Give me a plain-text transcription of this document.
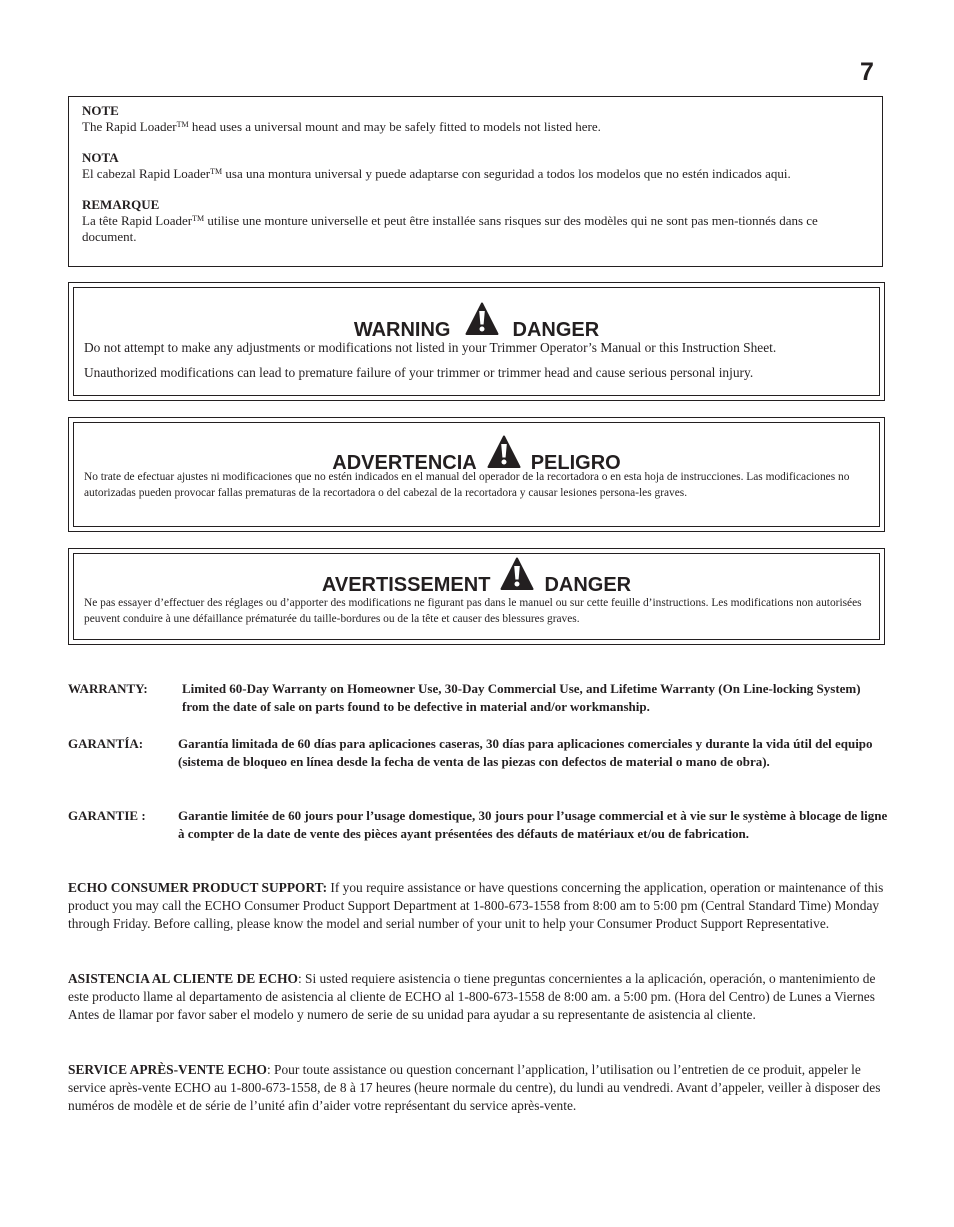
7
NOTE
The Rapid Loader™ head uses a universal mount and may be safely fitted to models not listed here.
NOTA
El cabezal Rapid Loader™ usa una montura universal y puede adaptarse con seguridad a todos los modelos que no estén indicados aqui.
REMARQUE
La tête Rapid Loader™ utilise une monture universelle et peut être installée sans risques sur des modèles qui ne sont pas men-tionnés dans ce document.
WARNING	DANGER
Do not attempt to make any adjustments or modifications not listed in your Trimmer Operator’s Manual or this Instruction Sheet.
Unauthorized modifications can lead to premature failure of your trimmer or trimmer head and cause serious personal injury.
ADVERTENCIA	PELIGRO
No trate de efectuar ajustes ni modificaciones que no estén indicados en el manual del operador de la recortadora o en esta hoja de instrucciones. Las modificaciones no autorizadas pueden provocar fallas prematuras de la recortadora o del cabezal de la recortadora y causar lesiones persona-les graves.
AVERTISSEMENT	DANGER
Ne pas essayer d’effectuer des réglages ou d’apporter des modifications ne figurant pas dans le manuel ou sur cette feuille d’instructions. Les modifications non autorisées peuvent conduire à une défaillance prématurée du taille-bordures ou de la tête et causer des blessures graves.
WARRANTY:	Limited 60-Day Warranty on Homeowner Use, 30-Day Commercial Use, and Lifetime Warranty (On Line-locking System) from the date of sale on parts found to be defective in material and/or workmanship.
GARANTÍA:	Garantía limitada de 60 días para aplicaciones caseras, 30 días para aplicaciones comerciales y durante la vida útil del equipo (sistema de bloqueo en línea desde la fecha de venta de las piezas con defectos de material o mano de obra).
GARANTIE : Garantie limitée de 60 jours pour l’usage domestique, 30 jours pour l’usage commercial et à vie sur le système à blocage de ligne à compter de la date de vente des pièces ayant présentées des défauts de matériaux et/ou de fabrication.
ECHO CONSUMER PRODUCT SUPPORT: If you require assistance or have questions concerning the application, operation or maintenance of this product you may call the ECHO Consumer Product Support Department at 1-800-673-1558 from 8:00 am to 5:00 pm (Central Standard Time) Monday through Friday. Before calling, please know the model and serial number of your unit to help your Consumer Product Support Representative.
ASISTENCIA AL CLIENTE DE ECHO: Si usted requiere asistencia o tiene preguntas concernientes a la aplicación, operación, o mantenimiento de este producto llame al departamento de asistencia al cliente de ECHO al 1-800-673-1558 de 8:00 am. a 5:00 pm. (Hora del Centro) de Lunes a Viernes Antes de llamar por favor saber el modelo y numero de serie de su unidad para ayudar a su representante de asistencia al cliente.
SERVICE APRÈS-VENTE ECHO: Pour toute assistance ou question concernant l’application, l’utilisation ou l’entretien de ce produit, appeler le service après-vente ECHO au 1-800-673-1558, de 8 à 17 heures (heure normale du centre), du lundi au vendredi. Avant d’appeler, veiller à disposer des numéros de modèle et de série de l’unité afin d’aider votre représentant du service après-vente.
